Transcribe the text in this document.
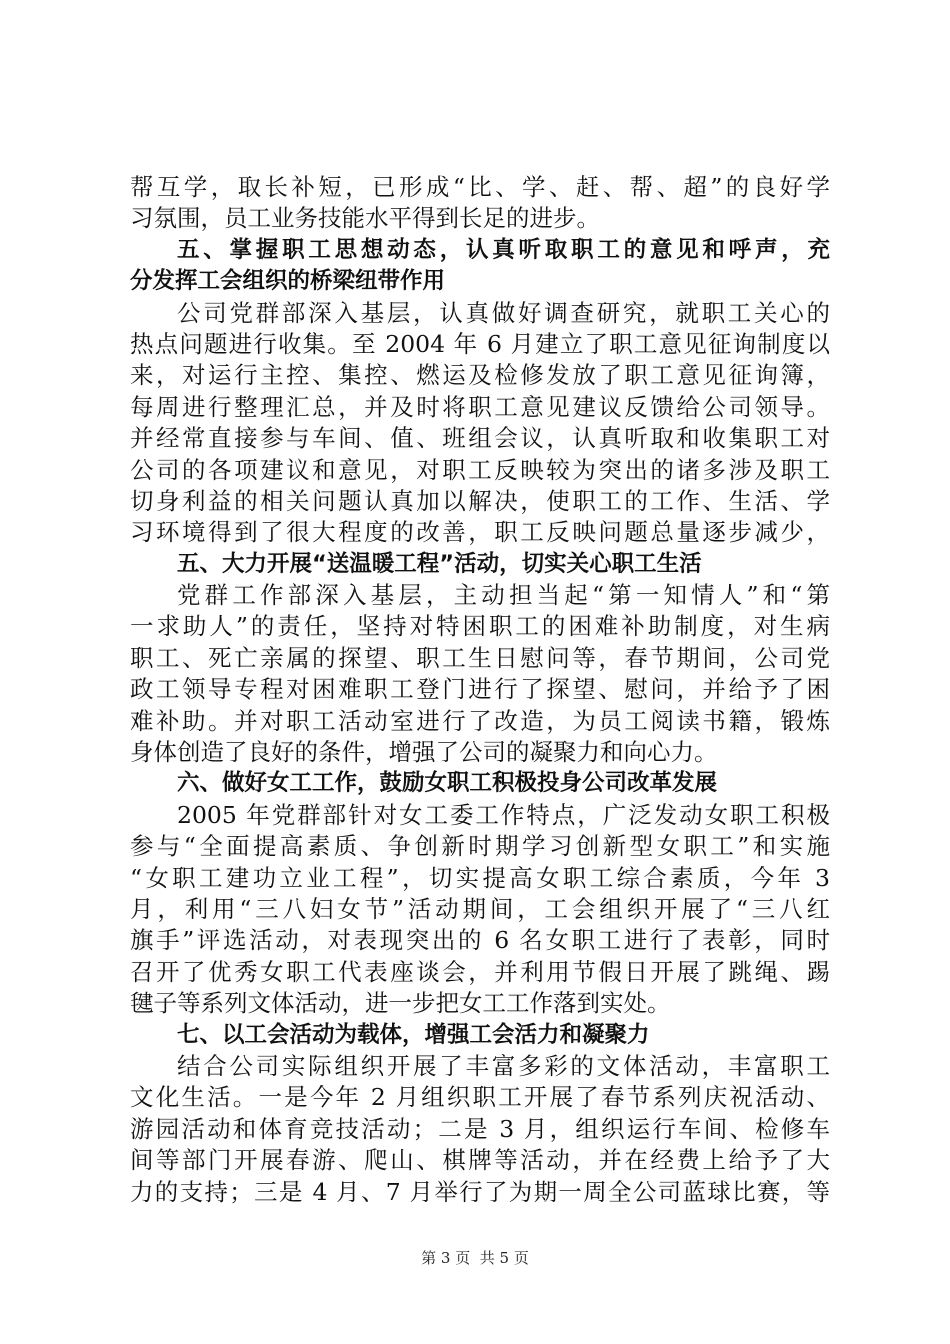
帮互学，取长补短，已形成“比、学、赶、帮、超”的良好学
习氛围，员工业务技能水平得到长足的进步。
五、掌握职工思想动态，认真听取职工的意见和呼声，充
分发挥工会组织的桥梁纽带作用
公司党群部深入基层，认真做好调查研究，就职工关心的
热点问题进行收集。至 2004 年 6 月建立了职工意见征询制度以
来，对运行主控、集控、燃运及检修发放了职工意见征询簿，
每周进行整理汇总，并及时将职工意见建议反馈给公司领导。
并经常直接参与车间、值、班组会议，认真听取和收集职工对
公司的各项建议和意见，对职工反映较为突出的诸多涉及职工
切身利益的相关问题认真加以解决，使职工的工作、生活、学
习环境得到了很大程度的改善，职工反映问题总量逐步减少，
五、大力开展“送温暖工程”活动，切实关心职工生活
党群工作部深入基层，主动担当起“第一知情人”和“第
一求助人”的责任，坚持对特困职工的困难补助制度，对生病
职工、死亡亲属的探望、职工生日慰问等，春节期间，公司党
政工领导专程对困难职工登门进行了探望、慰问，并给予了困
难补助。并对职工活动室进行了改造，为员工阅读书籍，锻炼
身体创造了良好的条件，增强了公司的凝聚力和向心力。
六、做好女工工作，鼓励女职工积极投身公司改革发展
2005 年党群部针对女工委工作特点，广泛发动女职工积极
参与“全面提高素质、争创新时期学习创新型女职工”和实施
“女职工建功立业工程”，切实提高女职工综合素质，今年 3
月，利用“三八妇女节”活动期间，工会组织开展了“三八红
旗手”评选活动，对表现突出的 6 名女职工进行了表彰，同时
召开了优秀女职工代表座谈会，并利用节假日开展了跳绳、踢
毽子等系列文体活动，进一步把女工工作落到实处。
七、以工会活动为载体，增强工会活力和凝聚力
结合公司实际组织开展了丰富多彩的文体活动，丰富职工
文化生活。一是今年 2 月组织职工开展了春节系列庆祝活动、
游园活动和体育竞技活动；二是 3 月，组织运行车间、检修车
间等部门开展春游、爬山、棋牌等活动，并在经费上给予了大
力的支持；三是 4 月、7 月举行了为期一周全公司蓝球比赛，等
第 3 页  共 5 页
